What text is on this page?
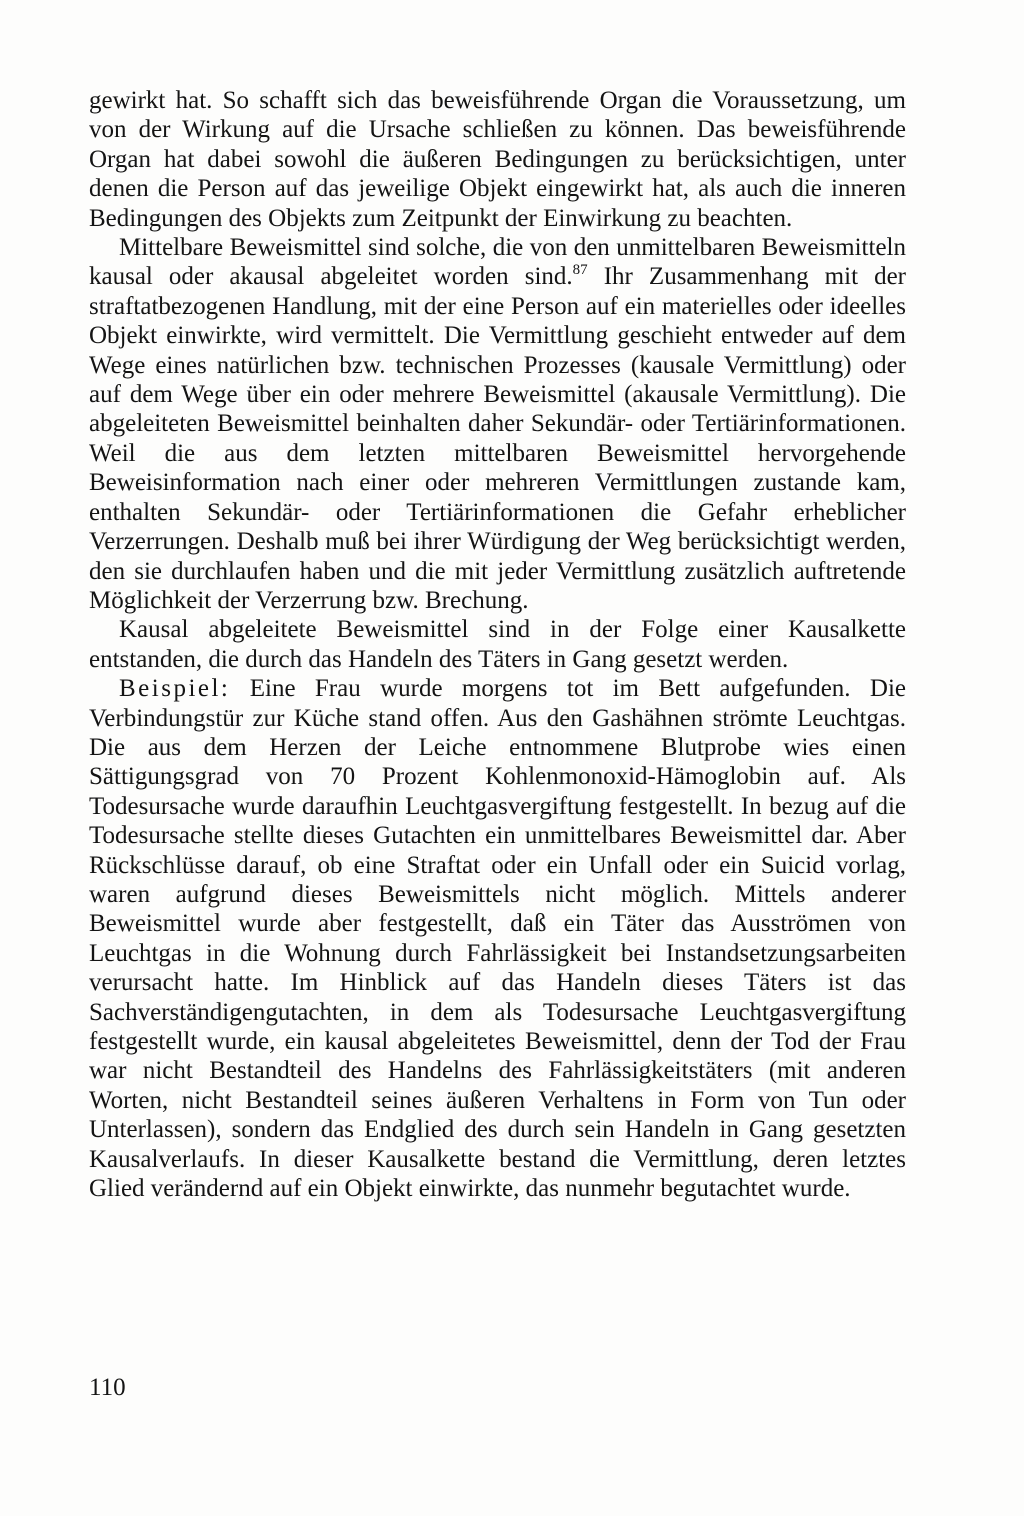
gewirkt hat. So schafft sich das beweisführende Organ die Voraussetzung, um von der Wirkung auf die Ursache schließen zu können. Das beweisführende Organ hat dabei sowohl die äußeren Bedingungen zu berücksichtigen, unter denen die Person auf das jeweilige Objekt eingewirkt hat, als auch die inneren Bedingungen des Objekts zum Zeitpunkt der Einwirkung zu beachten.

Mittelbare Beweismittel sind solche, die von den unmittelbaren Beweismitteln kausal oder akausal abgeleitet worden sind.$^{87}$ Ihr Zusammenhang mit der straftatbezogenen Handlung, mit der eine Person auf ein materielles oder ideelles Objekt einwirkte, wird vermittelt. Die Vermittlung geschieht entweder auf dem Wege eines natürlichen bzw. technischen Prozesses (kausale Vermittlung) oder auf dem Wege über ein oder mehrere Beweismittel (akausale Vermittlung). Die abgeleiteten Beweismittel beinhalten daher Sekundär- oder Tertiärinformationen. Weil die aus dem letzten mittelbaren Beweismittel hervorgehende Beweisinformation nach einer oder mehreren Vermittlungen zustande kam, enthalten Sekundär- oder Tertiärinformationen die Gefahr erheblicher Verzerrungen. Deshalb muß bei ihrer Würdigung der Weg berücksichtigt werden, den sie durchlaufen haben und die mit jeder Vermittlung zusätzlich auftretende Möglichkeit der Verzerrung bzw. Brechung.

Kausal abgeleitete Beweismittel sind in der Folge einer Kausalkette entstanden, die durch das Handeln des Täters in Gang gesetzt werden.

Beispiel: Eine Frau wurde morgens tot im Bett aufgefunden. Die Verbindungstür zur Küche stand offen. Aus den Gashähnen strömte Leuchtgas. Die aus dem Herzen der Leiche entnommene Blutprobe wies einen Sättigungsgrad von 70 Prozent Kohlenmonoxid-Hämoglobin auf. Als Todesursache wurde daraufhin Leuchtgasvergiftung festgestellt. In bezug auf die Todesursache stellte dieses Gutachten ein unmittelbares Beweismittel dar. Aber Rückschlüsse darauf, ob eine Straftat oder ein Unfall oder ein Suicid vorlag, waren aufgrund dieses Beweismittels nicht möglich. Mittels anderer Beweismittel wurde aber festgestellt, daß ein Täter das Ausströmen von Leuchtgas in die Wohnung durch Fahrlässigkeit bei Instandsetzungsarbeiten verursacht hatte. Im Hinblick auf das Handeln dieses Täters ist das Sachverständigengutachten, in dem als Todesursache Leuchtgasvergiftung festgestellt wurde, ein kausal abgeleitetes Beweismittel, denn der Tod der Frau war nicht Bestandteil des Handelns des Fahrlässigkeitstäters (mit anderen Worten, nicht Bestandteil seines äußeren Verhaltens in Form von Tun oder Unterlassen), sondern das Endglied des durch sein Handeln in Gang gesetzten Kausalverlaufs. In dieser Kausalkette bestand die Vermittlung, deren letztes Glied verändernd auf ein Objekt einwirkte, das nunmehr begutachtet wurde.

110
